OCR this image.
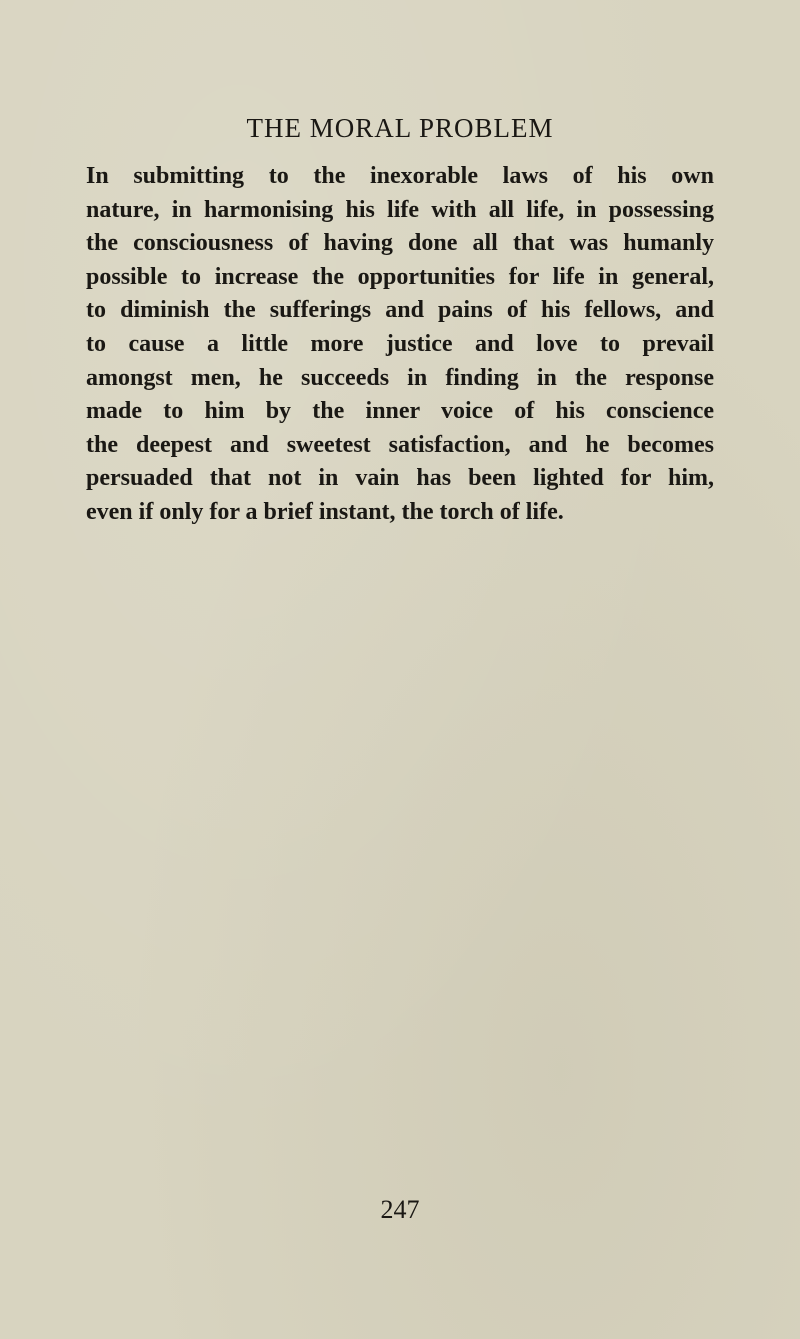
THE MORAL PROBLEM
In submitting to the inexorable laws of his own
nature, in harmonising his life with all life, in possessing
the consciousness of having done all that was humanly
possible to increase the opportunities for life in general,
to diminish the sufferings and pains of his fellows, and
to cause a little more justice and love to prevail
amongst men, he succeeds in finding in the response
made to him by the inner voice of his conscience
the deepest and sweetest satisfaction, and he becomes
persuaded that not in vain has been lighted for him,
even if only for a brief instant, the torch of life.
247
